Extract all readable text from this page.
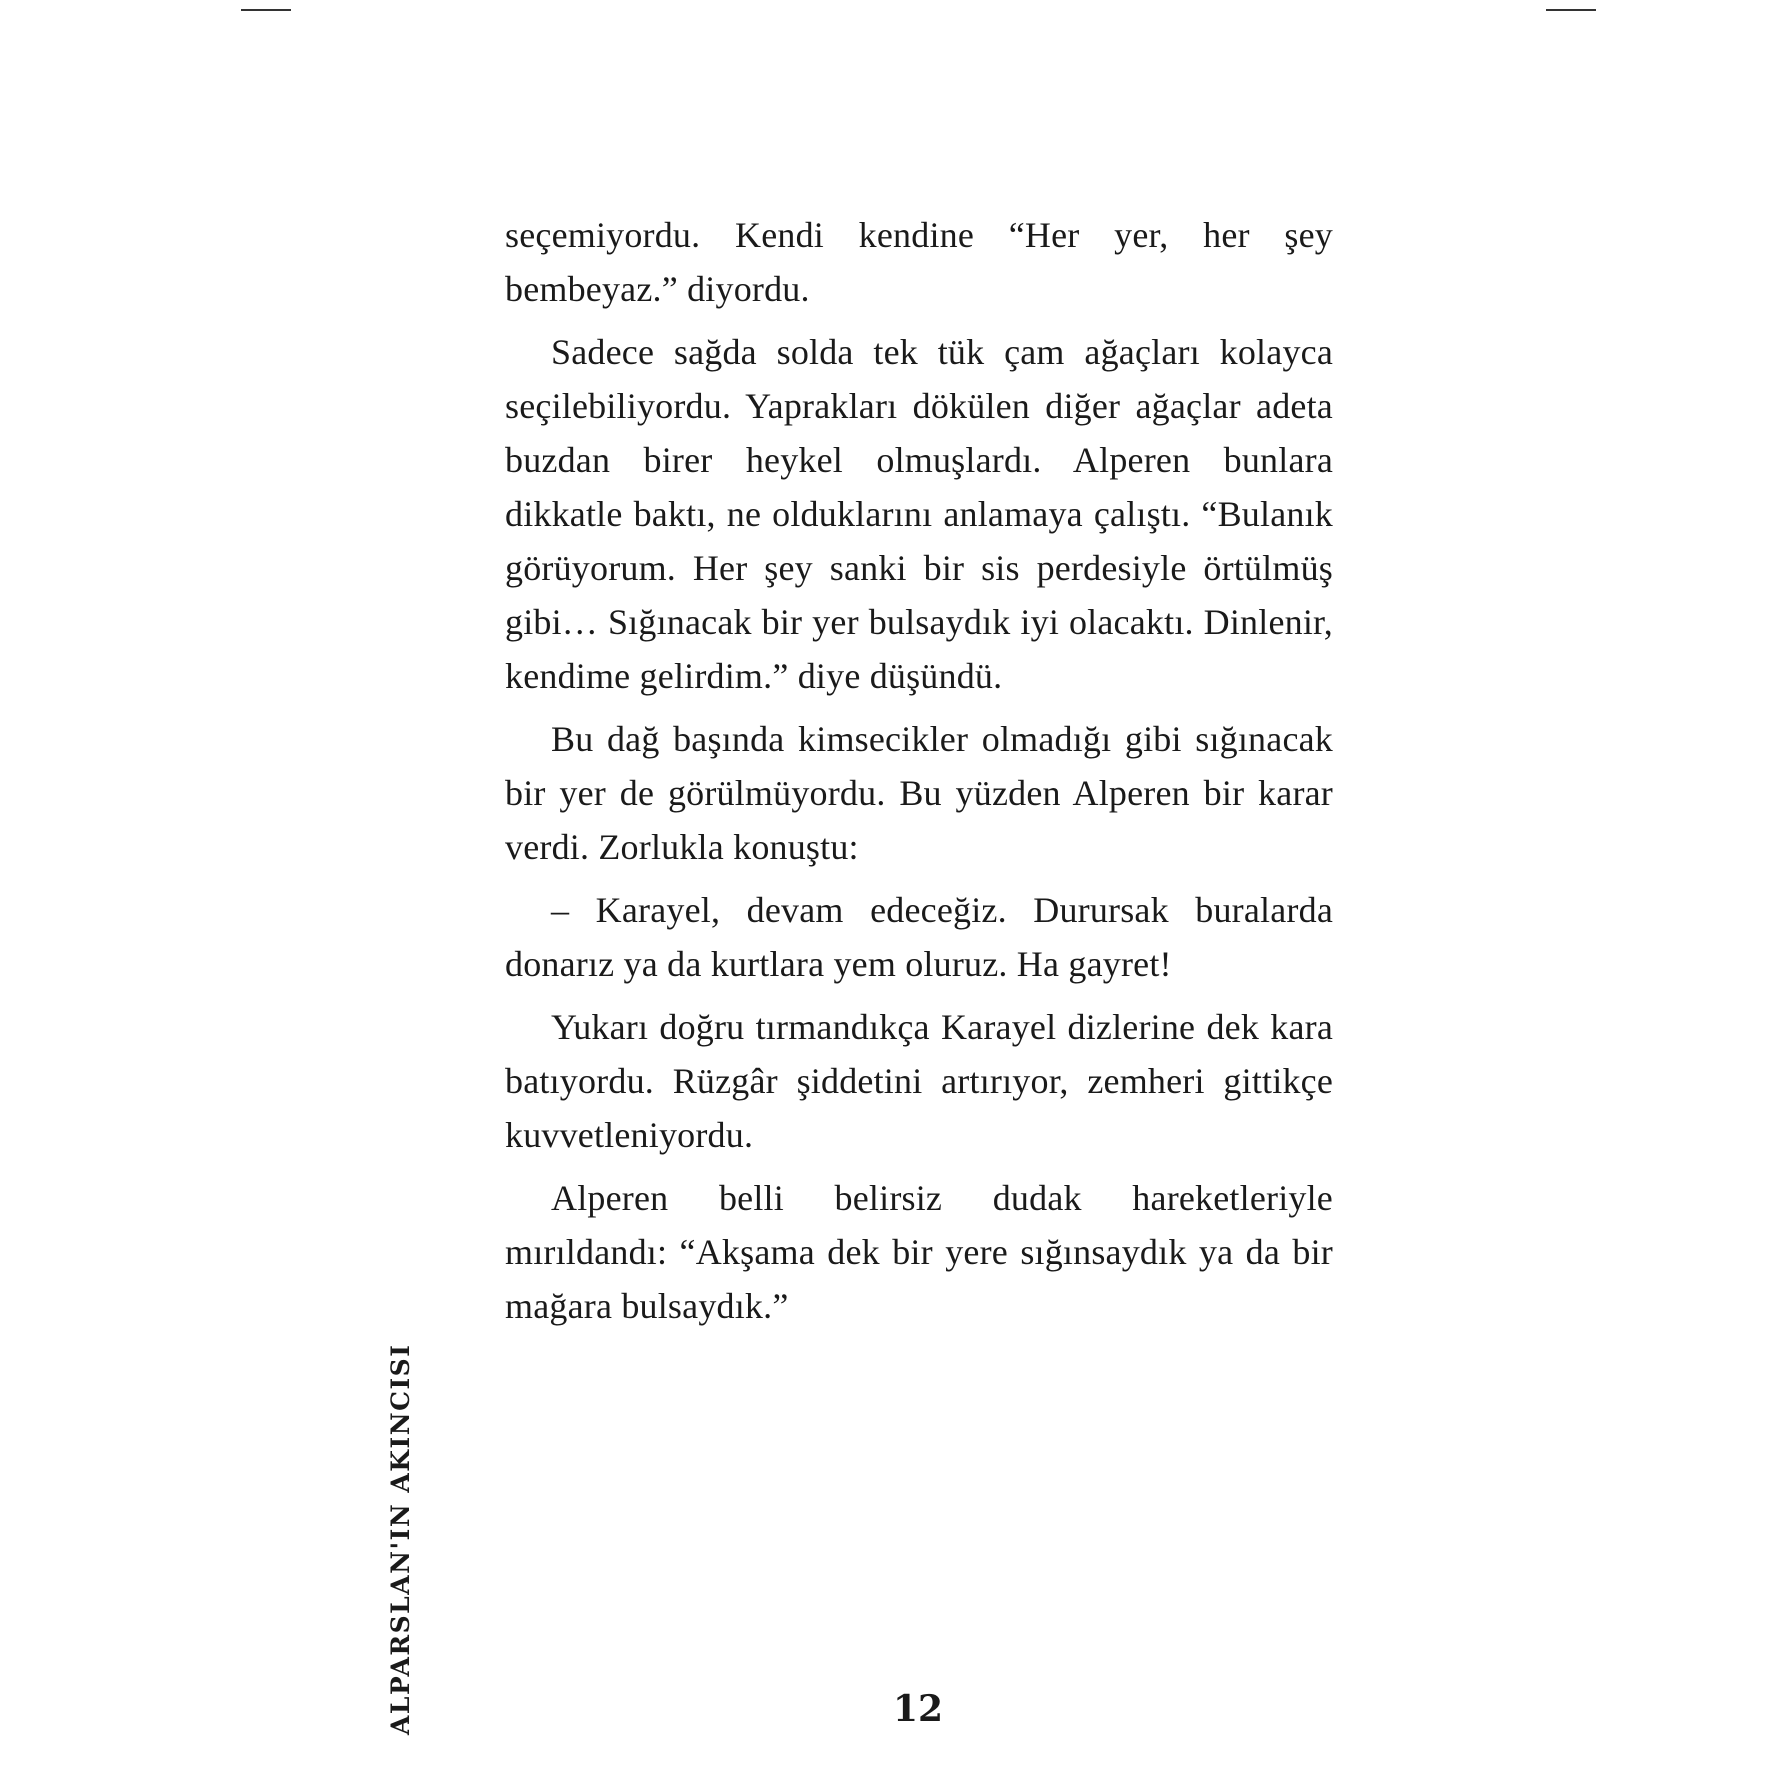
seçemiyordu. Kendi kendine “Her yer, her şey bembeyaz.” diyordu.

Sadece sağda solda tek tük çam ağaçları kolayca seçilebiliyordu. Yaprakları dökülen diğer ağaçlar adeta buzdan birer heykel olmuşlardı. Alperen bunlara dikkatle baktı, ne olduklarını anlamaya çalıştı. “Bulanık görüyorum. Her şey sanki bir sis perdesiyle örtülmüş gibi… Sığınacak bir yer bulsaydık iyi olacaktı. Dinlenir, kendime gelirdim.” diye düşündü.

Bu dağ başında kimsecikler olmadığı gibi sığınacak bir yer de görülmüyordu. Bu yüzden Alperen bir karar verdi. Zorlukla konuştu:

– Karayel, devam edeceğiz. Durursak buralarda donarız ya da kurtlara yem oluruz. Ha gayret!

Yukarı doğru tırmandıkça Karayel dizlerine dek kara batıyordu. Rüzgâr şiddetini artırıyor, zemheri gittikçe kuvvetleniyordu.

Alperen belli belirsiz dudak hareketleriyle mırıldandı: “Akşama dek bir yere sığınsaydık ya da bir mağara bulsaydık.”

ALPARSLAN'IN AKINCISI	12
